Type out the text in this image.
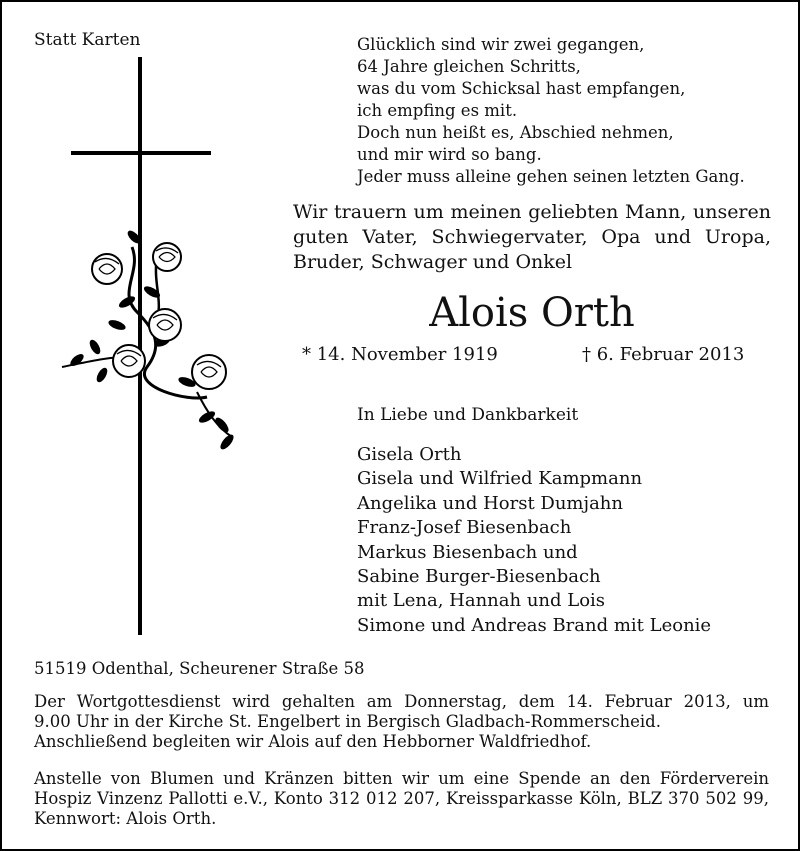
Statt Karten	Glücklich sind wir zwei gegangen,
64 Jahre gleichen Schritts,
was du vom Schicksal hast empfangen,
ich empfing es mit.
Doch nun heißt es, Abschied nehmen,
und mir wird so bang.
Jeder muss alleine gehen seinen letzten Gang.
Wir trauern um meinen geliebten Mann, unseren
guten Vater, Schwiegervater, Opa und Uropa,
Bruder, Schwager und Onkel
Alois Orth
* 14. November 1919	† 6. Februar 2013
In Liebe und Dankbarkeit
Gisela Orth
Gisela und Wilfried Kampmann
Angelika und Horst Dumjahn
Franz-Josef Biesenbach
Markus Biesenbach und
Sabine Burger-Biesenbach
mit Lena, Hannah und Lois
Simone und Andreas Brand mit Leonie
51519 Odenthal, Scheurener Straße 58
Der Wortgottesdienst wird gehalten am Donnerstag, dem 14. Februar 2013, um
9.00 Uhr in der Kirche St. Engelbert in Bergisch Gladbach-Rommerscheid.
Anschließend begleiten wir Alois auf den Hebborner Waldfriedhof.
Anstelle von Blumen und Kränzen bitten wir um eine Spende an den Förderverein
Hospiz Vinzenz Pallotti e.V., Konto 312 012 207, Kreissparkasse Köln, BLZ 370 502 99,
Kennwort: Alois Orth.
